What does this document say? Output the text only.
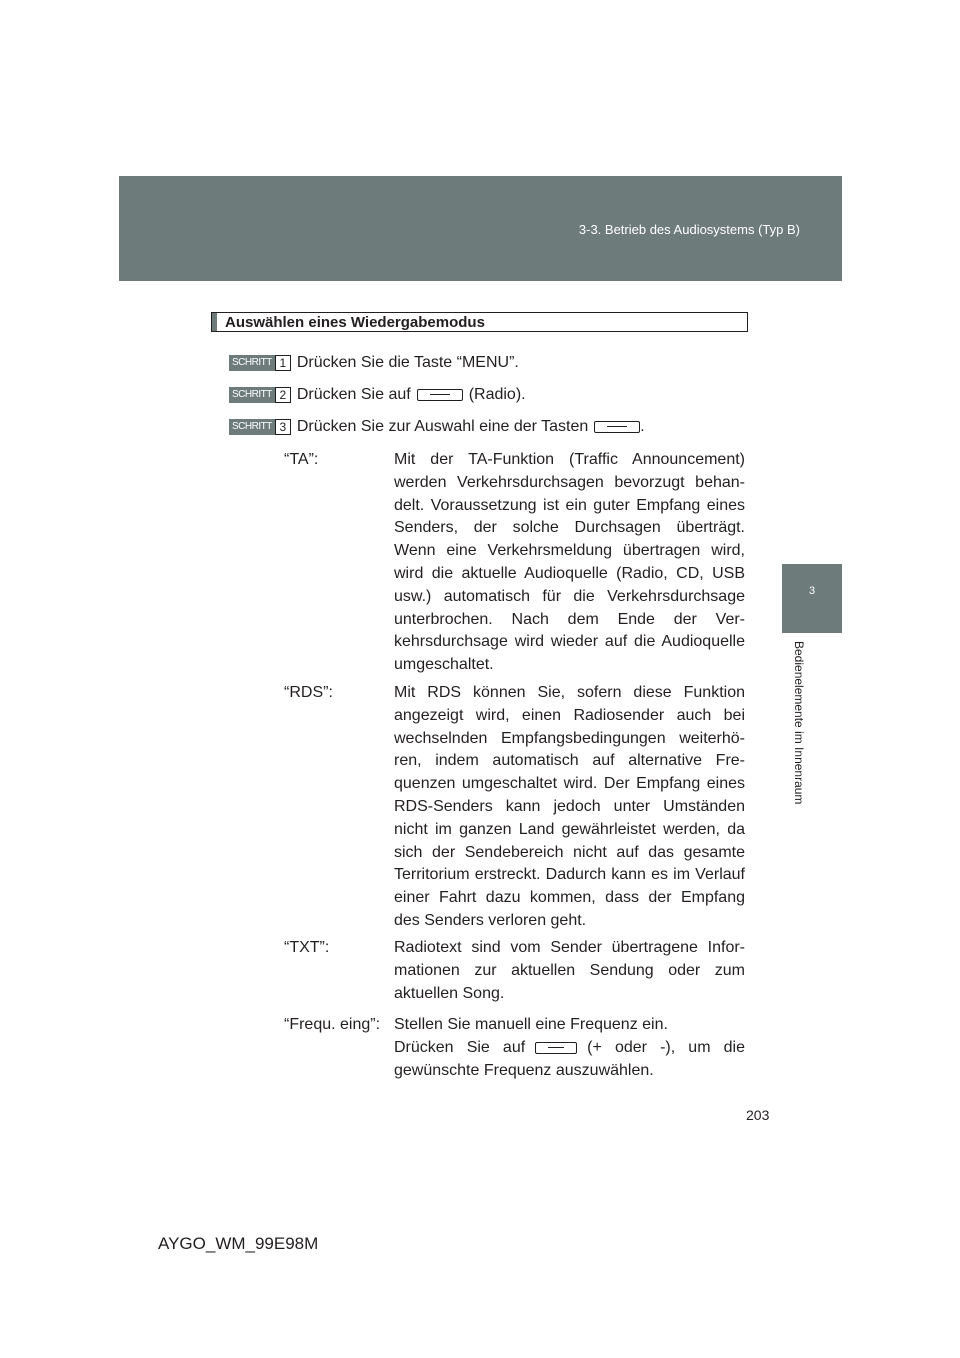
3-3. Betrieb des Audiosystems (Typ B)
3
Bedienelemente im Innenraum
Auswählen eines Wiedergabemodus
SCHRITT 1 Drücken Sie die Taste “MENU”.
SCHRITT 2 Drücken Sie auf	(Radio).
SCHRITT 3 Drücken Sie zur Auswahl eine der Tasten	.
“TA”:	Mit der TA-Funktion (Traffic Announcement) werden Verkehrsdurchsagen bevorzugt behandelt. Voraussetzung ist ein guter Empfang eines Senders, der solche Durchsagen überträgt. Wenn eine Verkehrsmeldung übertragen wird, wird die aktuelle Audioquelle (Radio, CD, USB usw.) automatisch für die Verkehrsdurchsage unterbrochen. Nach dem Ende der Verkehrsdurchsage wird wieder auf die Audioquelle umgeschaltet.
“RDS”:	Mit RDS können Sie, sofern diese Funktion angezeigt wird, einen Radiosender auch bei wechselnden Empfangsbedingungen weiterhören, indem automatisch auf alternative Frequenzen umgeschaltet wird. Der Empfang eines RDS-Senders kann jedoch unter Umständen nicht im ganzen Land gewährleistet werden, da sich der Sendebereich nicht auf das gesamte Territorium erstreckt. Dadurch kann es im Verlauf einer Fahrt dazu kommen, dass der Empfang des Senders verloren geht.
“TXT”:	Radiotext sind vom Sender übertragene Informationen zur aktuellen Sendung oder zum aktuellen Song.
“Frequ. eing”: Stellen Sie manuell eine Frequenz ein.
Drücken Sie auf	(+ oder -), um die gewünschte Frequenz auszuwählen.
203
AYGO_WM_99E98M
